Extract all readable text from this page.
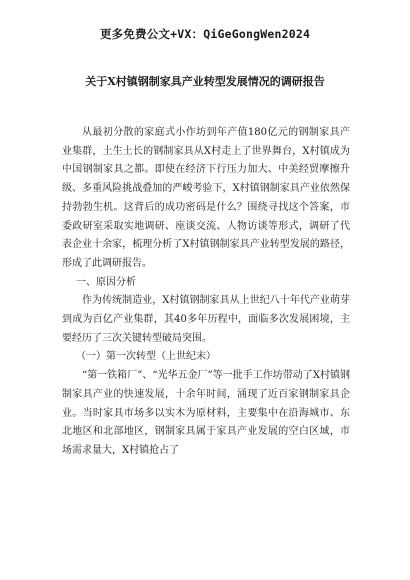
更多免费公文+VX：QiGeGongWen2024
关于X村镇钢制家具产业转型发展情况的调研报告

从最初分散的家庭式小作坊到年产值180亿元的钢制家具产业集群，土生土长的钢制家具从X村走上了世界舞台，X村镇成为中国钢制家具之都。即使在经济下行压力加大、中美经贸摩擦升级、多重风险挑战叠加的严峻考验下，X村镇钢制家具产业依然保持勃勃生机。这背后的成功密码是什么？围绕寻找这个答案，市委政研室采取实地调研、座谈交流、人物访谈等形式，调研了代表企业十余家，梳理分析了X村镇钢制家具产业转型发展的路径，形成了此调研报告。

一、原因分析

作为传统制造业，X村镇钢制家具从上世纪八十年代产业萌芽到成为百亿产业集群，其40多年历程中，面临多次发展困境，主要经历了三次关键转型破局突围。

（一）第一次转型（上世纪末）

“第一铁箱厂”、“光华五金厂”等一批手工作坊带动了X村镇钢制家具产业的快速发展，十余年时间，涌现了近百家钢制家具企业。当时家具市场多以实木为原材料，主要集中在沿海城市、东北地区和北部地区，钢制家具属于家具产业发展的空白区域，市场需求量大，X村镇抢占了
